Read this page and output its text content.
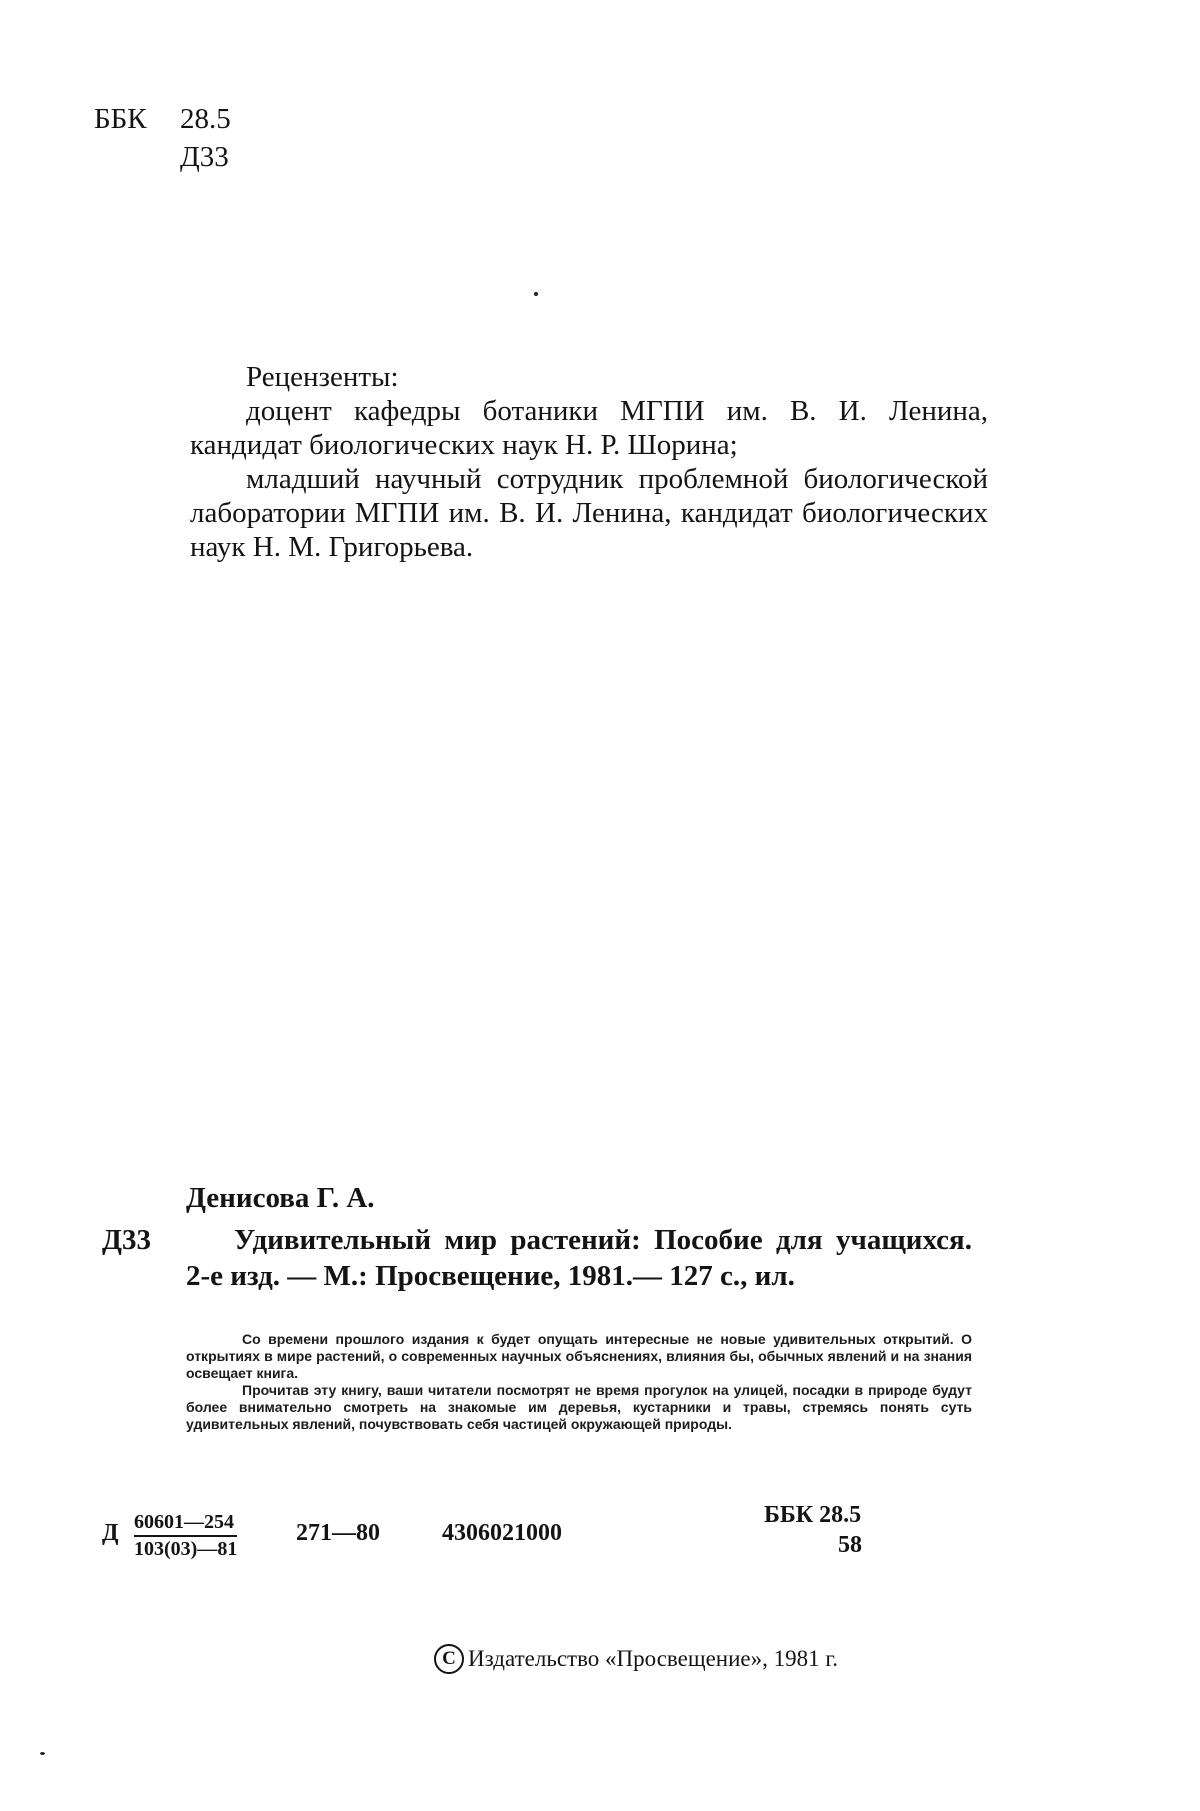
ББК 28.5
Д33
Рецензенты:

доцент кафедры ботаники МГПИ им. В. И. Ленина, кандидат биологических наук Н. Р. Шорина;

младший научный сотрудник проблемной биологической лаборатории МГПИ им. В. И. Ленина, кандидат биологических наук Н. М. Григорьева.

Денисова Г. А.
Д33	Удивительный мир растений: Пособие для учащихся. 2-е изд. — М.: Просвещение, 1981.— 127 с., ил.

Со времени прошлого издания к будет опущать интересные не новые удивительных открытий. О открытиях в мире растений, о современных научных объяснениях, влияния бы, обычных явлений и на знания освещает книга.

Прочитав эту книгу, ваши читатели посмотрят не время прогулок на улицей, посадки в природе будут более внимательно смотреть на знакомые им деревья, кустарники и травы, стремясь понять суть удивительных явлений, почувствовать себя частицей окружающей природы.

Д $\frac{60601—254}{103(03)—81}$ 271—80	4306021000
ББК 28.5
58
C Издательство «Просвещение», 1981 г.
